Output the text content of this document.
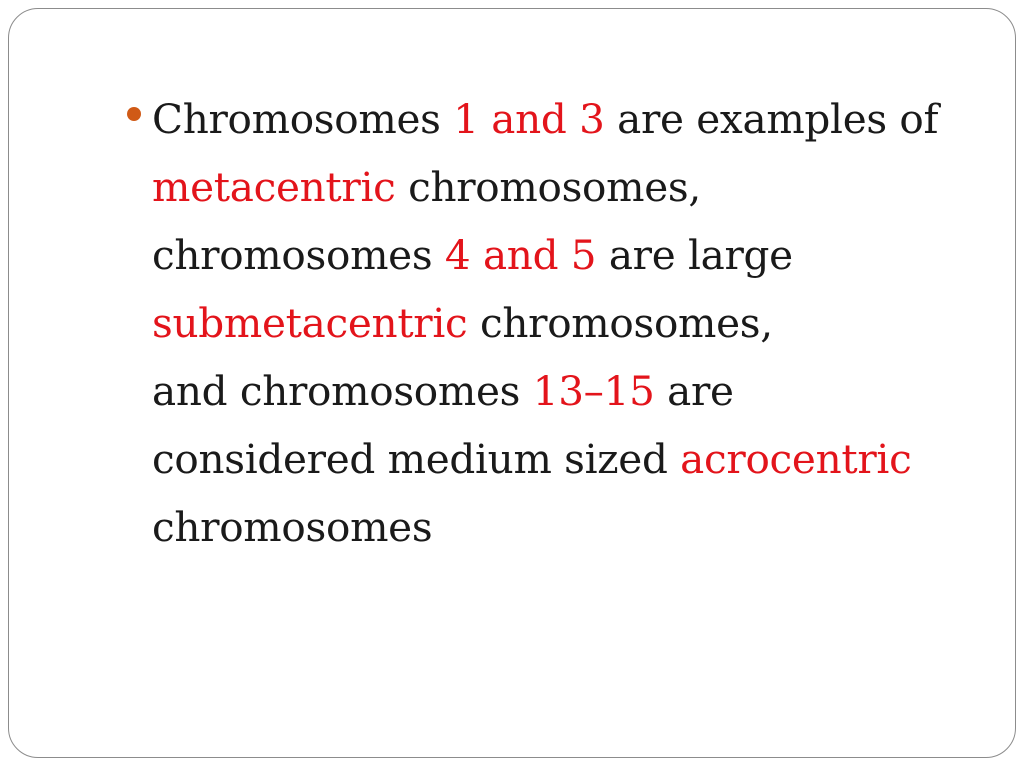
Chromosomes 1 and 3 are examples of
metacentric chromosomes,
chromosomes 4 and 5 are large
submetacentric chromosomes,
and chromosomes 13–15 are
considered medium sized acrocentric
chromosomes
